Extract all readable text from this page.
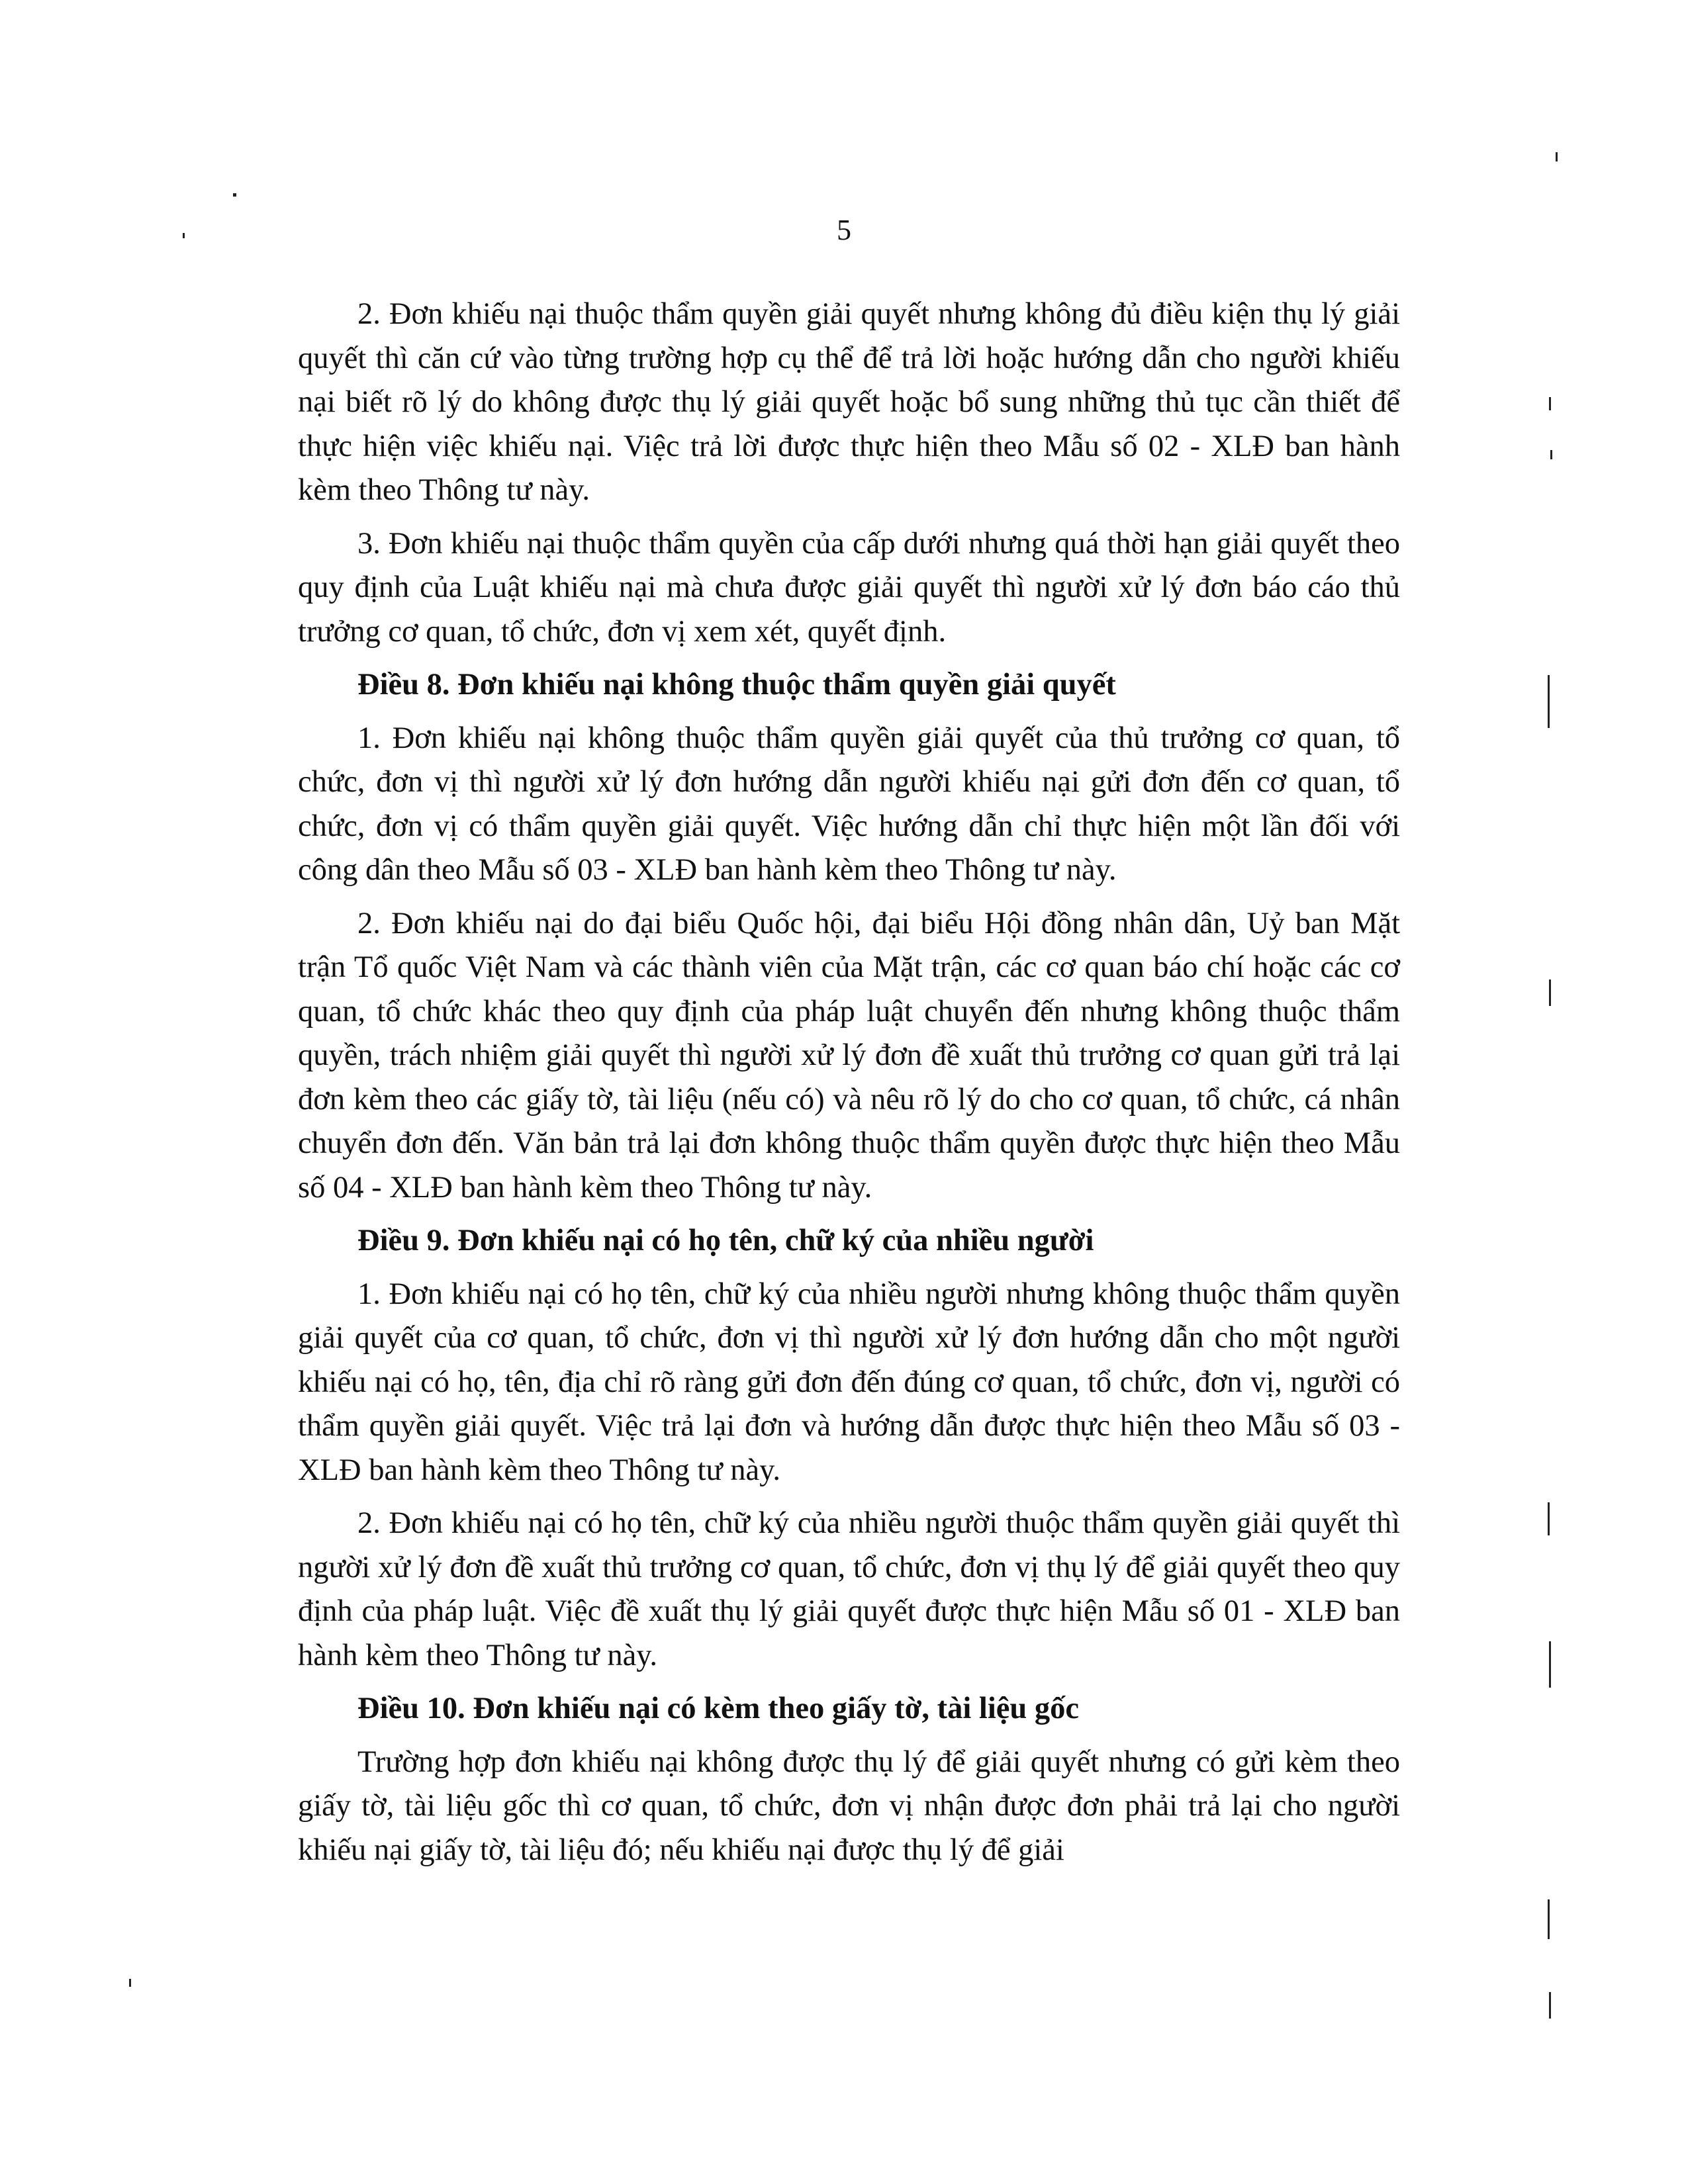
5

2. Đơn khiếu nại thuộc thẩm quyền giải quyết nhưng không đủ điều kiện thụ lý giải quyết thì căn cứ vào từng trường hợp cụ thể để trả lời hoặc hướng dẫn cho người khiếu nại biết rõ lý do không được thụ lý giải quyết hoặc bổ sung những thủ tục cần thiết để thực hiện việc khiếu nại. Việc trả lời được thực hiện theo Mẫu số 02 - XLĐ ban hành kèm theo Thông tư này.

3. Đơn khiếu nại thuộc thẩm quyền của cấp dưới nhưng quá thời hạn giải quyết theo quy định của Luật khiếu nại mà chưa được giải quyết thì người xử lý đơn báo cáo thủ trưởng cơ quan, tổ chức, đơn vị xem xét, quyết định.

Điều 8. Đơn khiếu nại không thuộc thẩm quyền giải quyết

1. Đơn khiếu nại không thuộc thẩm quyền giải quyết của thủ trưởng cơ quan, tổ chức, đơn vị thì người xử lý đơn hướng dẫn người khiếu nại gửi đơn đến cơ quan, tổ chức, đơn vị có thẩm quyền giải quyết. Việc hướng dẫn chỉ thực hiện một lần đối với công dân theo Mẫu số 03 - XLĐ ban hành kèm theo Thông tư này.

2. Đơn khiếu nại do đại biểu Quốc hội, đại biểu Hội đồng nhân dân, Uỷ ban Mặt trận Tổ quốc Việt Nam và các thành viên của Mặt trận, các cơ quan báo chí hoặc các cơ quan, tổ chức khác theo quy định của pháp luật chuyển đến nhưng không thuộc thẩm quyền, trách nhiệm giải quyết thì người xử lý đơn đề xuất thủ trưởng cơ quan gửi trả lại đơn kèm theo các giấy tờ, tài liệu (nếu có) và nêu rõ lý do cho cơ quan, tổ chức, cá nhân chuyển đơn đến. Văn bản trả lại đơn không thuộc thẩm quyền được thực hiện theo Mẫu số 04 - XLĐ ban hành kèm theo Thông tư này.

Điều 9. Đơn khiếu nại có họ tên, chữ ký của nhiều người

1. Đơn khiếu nại có họ tên, chữ ký của nhiều người nhưng không thuộc thẩm quyền giải quyết của cơ quan, tổ chức, đơn vị thì người xử lý đơn hướng dẫn cho một người khiếu nại có họ, tên, địa chỉ rõ ràng gửi đơn đến đúng cơ quan, tổ chức, đơn vị, người có thẩm quyền giải quyết. Việc trả lại đơn và hướng dẫn được thực hiện theo Mẫu số 03 - XLĐ ban hành kèm theo Thông tư này.

2. Đơn khiếu nại có họ tên, chữ ký của nhiều người thuộc thẩm quyền giải quyết thì người xử lý đơn đề xuất thủ trưởng cơ quan, tổ chức, đơn vị thụ lý để giải quyết theo quy định của pháp luật. Việc đề xuất thụ lý giải quyết được thực hiện Mẫu số 01 - XLĐ ban hành kèm theo Thông tư này.

Điều 10. Đơn khiếu nại có kèm theo giấy tờ, tài liệu gốc

Trường hợp đơn khiếu nại không được thụ lý để giải quyết nhưng có gửi kèm theo giấy tờ, tài liệu gốc thì cơ quan, tổ chức, đơn vị nhận được đơn phải trả lại cho người khiếu nại giấy tờ, tài liệu đó; nếu khiếu nại được thụ lý để giải
